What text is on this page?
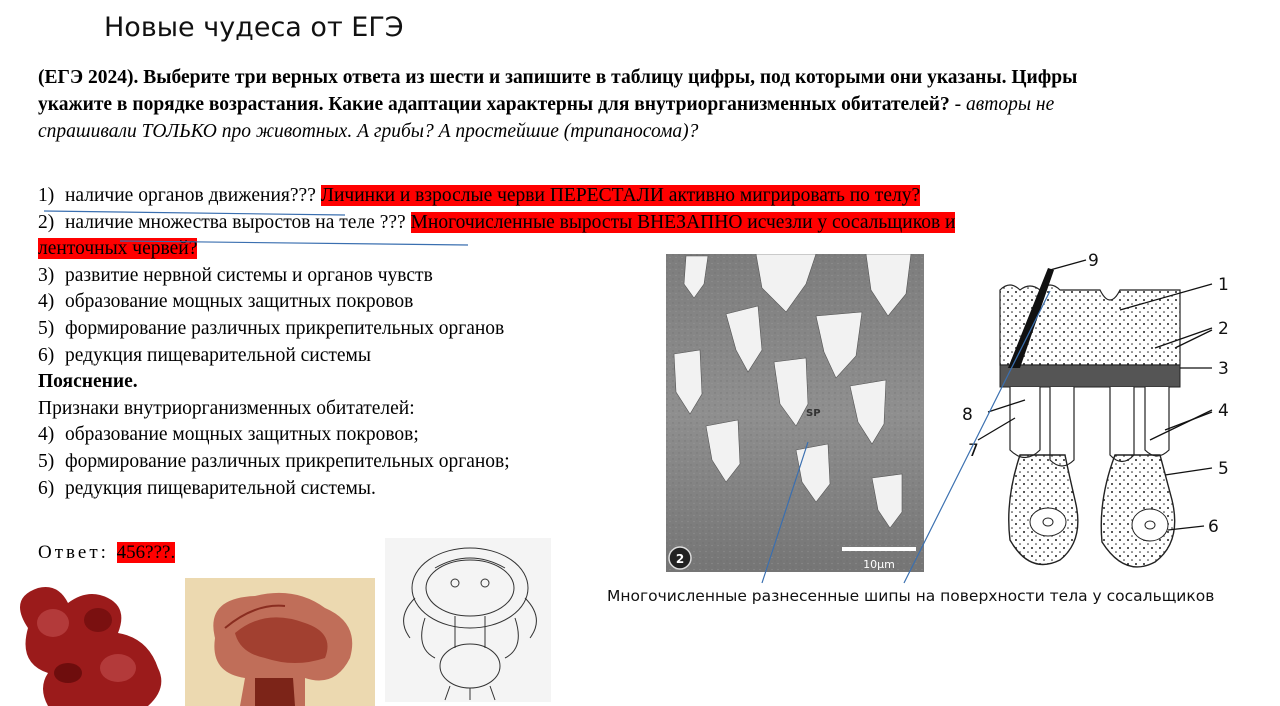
Новые чудеса от ЕГЭ
(ЕГЭ 2024). Выберите три верных ответа из шести и запишите в таблицу цифры, под которыми они указаны. Цифры укажите в порядке возрастания. Какие адаптации характерны для внутриорганизменных обитателей? - авторы не спрашивали ТОЛЬКО про животных. А грибы? А простейшие (трипаносома)?
1) наличие органов движения??? Личинки и взрослые черви ПЕРЕСТАЛИ активно мигрировать по телу?
2) наличие множества выростов на теле ??? Многочисленные выросты ВНЕЗАПНО исчезли у сосальщиков и
ленточных червей?
3) развитие нервной системы и органов чувств
4) образование мощных защитных покровов
5) формирование различных прикрепительных органов
6) редукция пищеварительной системы
Пояснение.
Признаки внутриорганизменных обитателей:
4) образование мощных защитных покровов;
5) формирование различных прикрепительных органов;
6) редукция пищеварительной системы.
Ответ: 456???.
SP
2	10µm
1
2
3
4
5
6
7
8
9
Многочисленные разнесенные шипы на поверхности тела у сосальщиков
